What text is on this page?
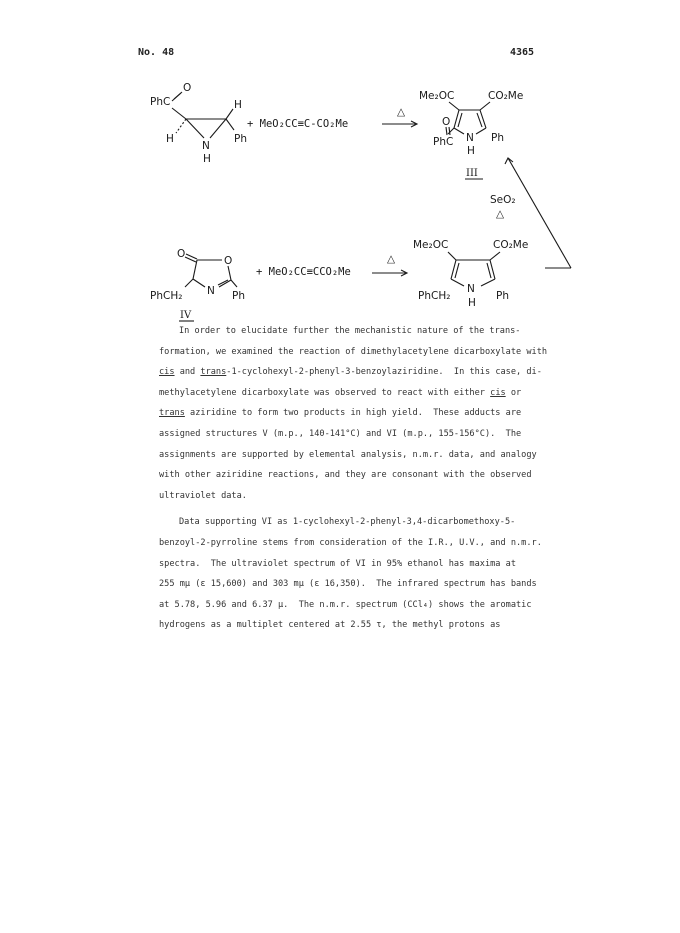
No. 48	4365
PhC
O
H
H
N
H
Ph
+ MeO₂CC≡C-CO₂Me
△
Me₂OC	CO₂Me
O
PhC N
H
Ph
III
SeO₂
△
O
O
N
PhCH₂	Ph
IV
+ MeO₂CC≡CCO₂Me
△
Me₂OC	CO₂Me
N
H
PhCH₂	Ph
In order to elucidate further the mechanistic nature of the trans-
formation, we examined the reaction of dimethylacetylene dicarboxylate with
cis and trans-1-cyclohexyl-2-phenyl-3-benzoylaziridine.  In this case, di-
methylacetylene dicarboxylate was observed to react with either cis or
trans aziridine to form two products in high yield.  These adducts are
assigned structures V (m.p., 140-141°C) and VI (m.p., 155-156°C).  The
assignments are supported by elemental analysis, n.m.r. data, and analogy
with other aziridine reactions, and they are consonant with the observed
ultraviolet data.
Data supporting VI as 1-cyclohexyl-2-phenyl-3,4-dicarbomethoxy-5-
benzoyl-2-pyrroline stems from consideration of the I.R., U.V., and n.m.r.
spectra.  The ultraviolet spectrum of VI in 95% ethanol has maxima at
255 mμ (ε 15,600) and 303 mμ (ε 16,350).  The infrared spectrum has bands
at 5.78, 5.96 and 6.37 μ.  The n.m.r. spectrum (CCl₄) shows the aromatic
hydrogens as a multiplet centered at 2.55 τ, the methyl protons as
